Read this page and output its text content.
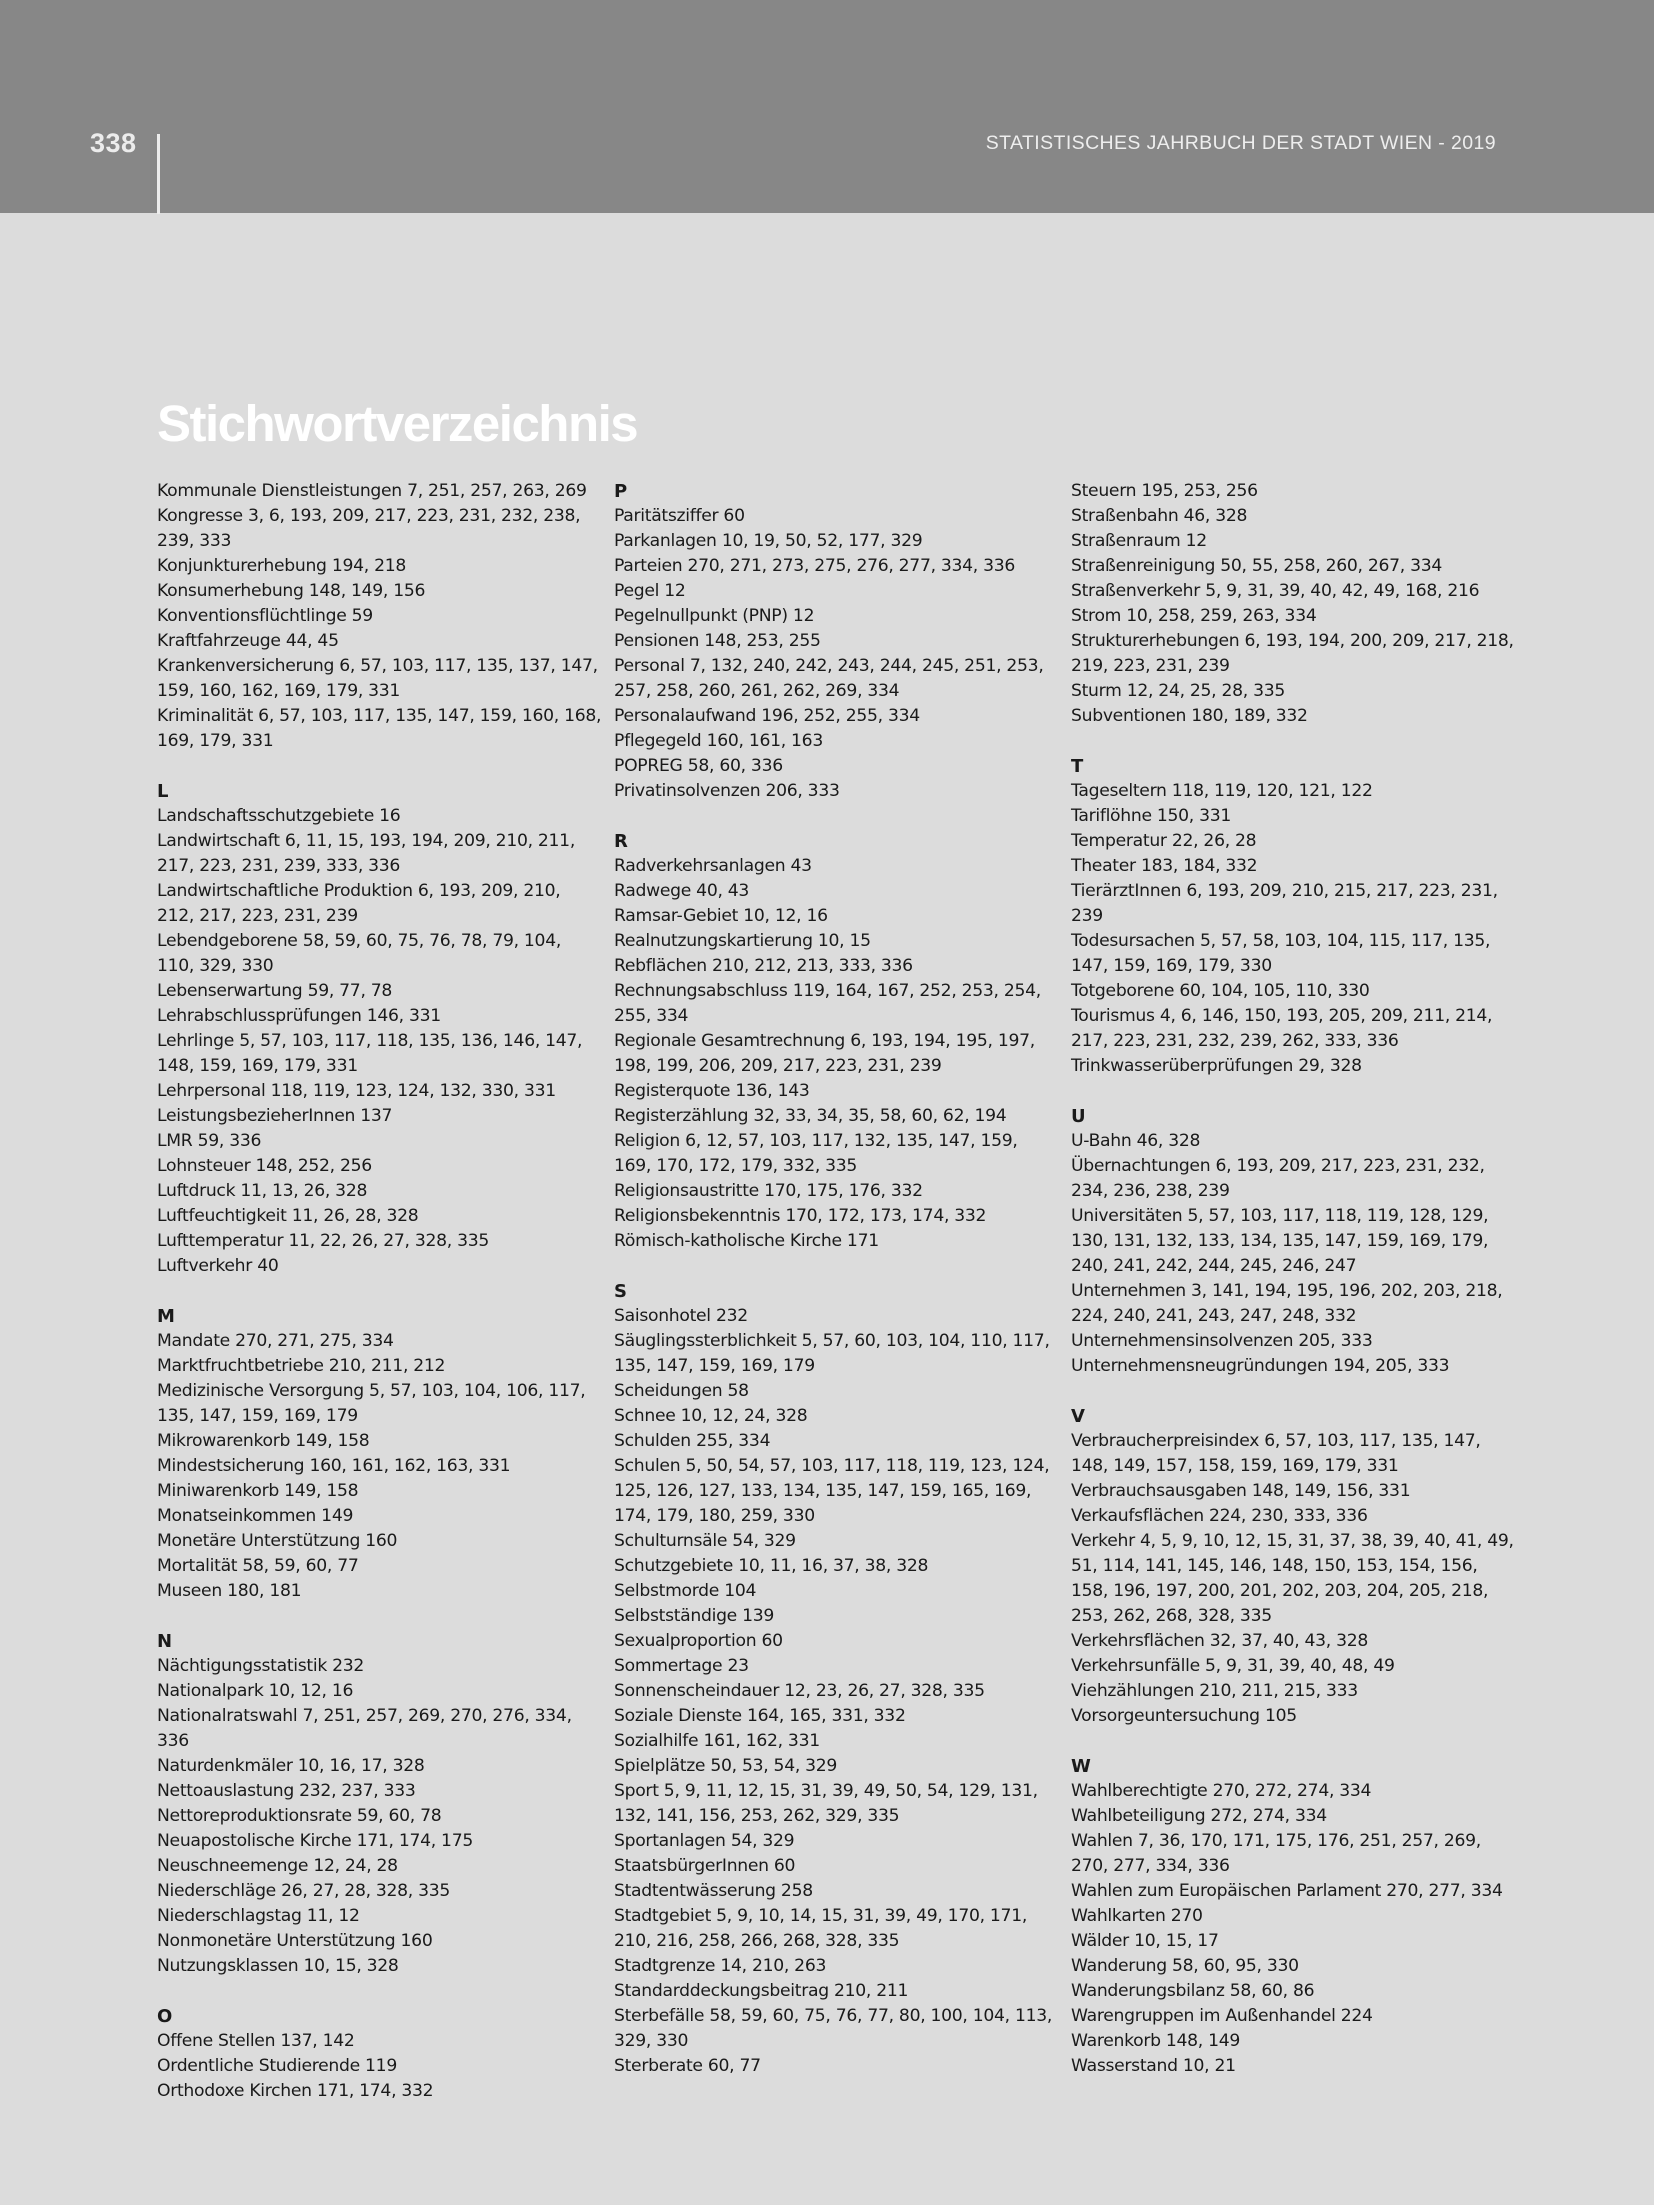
338	STATISTISCHES JAHRBUCH DER STADT WIEN - 2019
Stichwortverzeichnis
Kommunale Dienstleistungen 7, 251, 257, 263, 269
Kongresse 3, 6, 193, 209, 217, 223, 231, 232, 238, 239, 333
Konjunkturerhebung 194, 218
Konsumerhebung 148, 149, 156
Konventionsflüchtlinge 59
Kraftfahrzeuge 44, 45
Krankenversicherung 6, 57, 103, 117, 135, 137, 147, 159, 160, 162, 169, 179, 331
Kriminalität 6, 57, 103, 117, 135, 147, 159, 160, 168, 169, 179, 331
L
Landschaftsschutzgebiete 16
Landwirtschaft 6, 11, 15, 193, 194, 209, 210, 211, 217, 223, 231, 239, 333, 336
Landwirtschaftliche Produktion 6, 193, 209, 210, 212, 217, 223, 231, 239
Lebendgeborene 58, 59, 60, 75, 76, 78, 79, 104, 110, 329, 330
Lebenserwartung 59, 77, 78
Lehrabschlussprüfungen 146, 331
Lehrlinge 5, 57, 103, 117, 118, 135, 136, 146, 147, 148, 159, 169, 179, 331
Lehrpersonal 118, 119, 123, 124, 132, 330, 331
LeistungsbezieherInnen 137
LMR 59, 336
Lohnsteuer 148, 252, 256
Luftdruck 11, 13, 26, 328
Luftfeuchtigkeit 11, 26, 28, 328
Lufttemperatur 11, 22, 26, 27, 328, 335
Luftverkehr 40
M
Mandate 270, 271, 275, 334
Marktfruchtbetriebe 210, 211, 212
Medizinische Versorgung 5, 57, 103, 104, 106, 117, 135, 147, 159, 169, 179
Mikrowarenkorb 149, 158
Mindestsicherung 160, 161, 162, 163, 331
Miniwarenkorb 149, 158
Monatseinkommen 149
Monetäre Unterstützung 160
Mortalität 58, 59, 60, 77
Museen 180, 181
N
Nächtigungsstatistik 232
Nationalpark 10, 12, 16
Nationalratswahl 7, 251, 257, 269, 270, 276, 334, 336
Naturdenkmäler 10, 16, 17, 328
Nettoauslastung 232, 237, 333
Nettoreproduktionsrate 59, 60, 78
Neuapostolische Kirche 171, 174, 175
Neuschneemenge 12, 24, 28
Niederschläge 26, 27, 28, 328, 335
Niederschlagstag 11, 12
Nonmonetäre Unterstützung 160
Nutzungsklassen 10, 15, 328
O
Offene Stellen 137, 142
Ordentliche Studierende 119
Orthodoxe Kirchen 171, 174, 332
P
Paritätsziffer 60
Parkanlagen 10, 19, 50, 52, 177, 329
Parteien 270, 271, 273, 275, 276, 277, 334, 336
Pegel 12
Pegelnullpunkt (PNP) 12
Pensionen 148, 253, 255
Personal 7, 132, 240, 242, 243, 244, 245, 251, 253, 257, 258, 260, 261, 262, 269, 334
Personalaufwand 196, 252, 255, 334
Pflegegeld 160, 161, 163
POPREG 58, 60, 336
Privatinsolvenzen 206, 333
R
Radverkehrsanlagen 43
Radwege 40, 43
Ramsar-Gebiet 10, 12, 16
Realnutzungskartierung 10, 15
Rebflächen 210, 212, 213, 333, 336
Rechnungsabschluss 119, 164, 167, 252, 253, 254, 255, 334
Regionale Gesamtrechnung 6, 193, 194, 195, 197, 198, 199, 206, 209, 217, 223, 231, 239
Registerquote 136, 143
Registerzählung 32, 33, 34, 35, 58, 60, 62, 194
Religion 6, 12, 57, 103, 117, 132, 135, 147, 159, 169, 170, 172, 179, 332, 335
Religionsaustritte 170, 175, 176, 332
Religionsbekenntnis 170, 172, 173, 174, 332
Römisch-katholische Kirche 171
S
Saisonhotel 232
Säuglingssterblichkeit 5, 57, 60, 103, 104, 110, 117, 135, 147, 159, 169, 179
Scheidungen 58
Schnee 10, 12, 24, 328
Schulden 255, 334
Schulen 5, 50, 54, 57, 103, 117, 118, 119, 123, 124, 125, 126, 127, 133, 134, 135, 147, 159, 165, 169, 174, 179, 180, 259, 330
Schulturnsäle 54, 329
Schutzgebiete 10, 11, 16, 37, 38, 328
Selbstmorde 104
Selbstständige 139
Sexualproportion 60
Sommertage 23
Sonnenscheindauer 12, 23, 26, 27, 328, 335
Soziale Dienste 164, 165, 331, 332
Sozialhilfe 161, 162, 331
Spielplätze 50, 53, 54, 329
Sport 5, 9, 11, 12, 15, 31, 39, 49, 50, 54, 129, 131, 132, 141, 156, 253, 262, 329, 335
Sportanlagen 54, 329
StaatsbürgerInnen 60
Stadtentwässerung 258
Stadtgebiet 5, 9, 10, 14, 15, 31, 39, 49, 170, 171, 210, 216, 258, 266, 268, 328, 335
Stadtgrenze 14, 210, 263
Standarddeckungsbeitrag 210, 211
Sterbefälle 58, 59, 60, 75, 76, 77, 80, 100, 104, 113, 329, 330
Sterberate 60, 77
Steuern 195, 253, 256
Straßenbahn 46, 328
Straßenraum 12
Straßenreinigung 50, 55, 258, 260, 267, 334
Straßenverkehr 5, 9, 31, 39, 40, 42, 49, 168, 216
Strom 10, 258, 259, 263, 334
Strukturerhebungen 6, 193, 194, 200, 209, 217, 218, 219, 223, 231, 239
Sturm 12, 24, 25, 28, 335
Subventionen 180, 189, 332
T
Tageseltern 118, 119, 120, 121, 122
Tariflöhne 150, 331
Temperatur 22, 26, 28
Theater 183, 184, 332
TierärztInnen 6, 193, 209, 210, 215, 217, 223, 231, 239
Todesursachen 5, 57, 58, 103, 104, 115, 117, 135, 147, 159, 169, 179, 330
Totgeborene 60, 104, 105, 110, 330
Tourismus 4, 6, 146, 150, 193, 205, 209, 211, 214, 217, 223, 231, 232, 239, 262, 333, 336
Trinkwasserüberprüfungen 29, 328
U
U-Bahn 46, 328
Übernachtungen 6, 193, 209, 217, 223, 231, 232, 234, 236, 238, 239
Universitäten 5, 57, 103, 117, 118, 119, 128, 129, 130, 131, 132, 133, 134, 135, 147, 159, 169, 179, 240, 241, 242, 244, 245, 246, 247
Unternehmen 3, 141, 194, 195, 196, 202, 203, 218, 224, 240, 241, 243, 247, 248, 332
Unternehmensinsolvenzen 205, 333
Unternehmensneugründungen 194, 205, 333
V
Verbraucherpreisindex 6, 57, 103, 117, 135, 147, 148, 149, 157, 158, 159, 169, 179, 331
Verbrauchsausgaben 148, 149, 156, 331
Verkaufsflächen 224, 230, 333, 336
Verkehr 4, 5, 9, 10, 12, 15, 31, 37, 38, 39, 40, 41, 49, 51, 114, 141, 145, 146, 148, 150, 153, 154, 156, 158, 196, 197, 200, 201, 202, 203, 204, 205, 218, 253, 262, 268, 328, 335
Verkehrsflächen 32, 37, 40, 43, 328
Verkehrsunfälle 5, 9, 31, 39, 40, 48, 49
Viehzählungen 210, 211, 215, 333
Vorsorgeuntersuchung 105
W
Wahlberechtigte 270, 272, 274, 334
Wahlbeteiligung 272, 274, 334
Wahlen 7, 36, 170, 171, 175, 176, 251, 257, 269, 270, 277, 334, 336
Wahlen zum Europäischen Parlament 270, 277, 334
Wahlkarten 270
Wälder 10, 15, 17
Wanderung 58, 60, 95, 330
Wanderungsbilanz 58, 60, 86
Warengruppen im Außenhandel 224
Warenkorb 148, 149
Wasserstand 10, 21
